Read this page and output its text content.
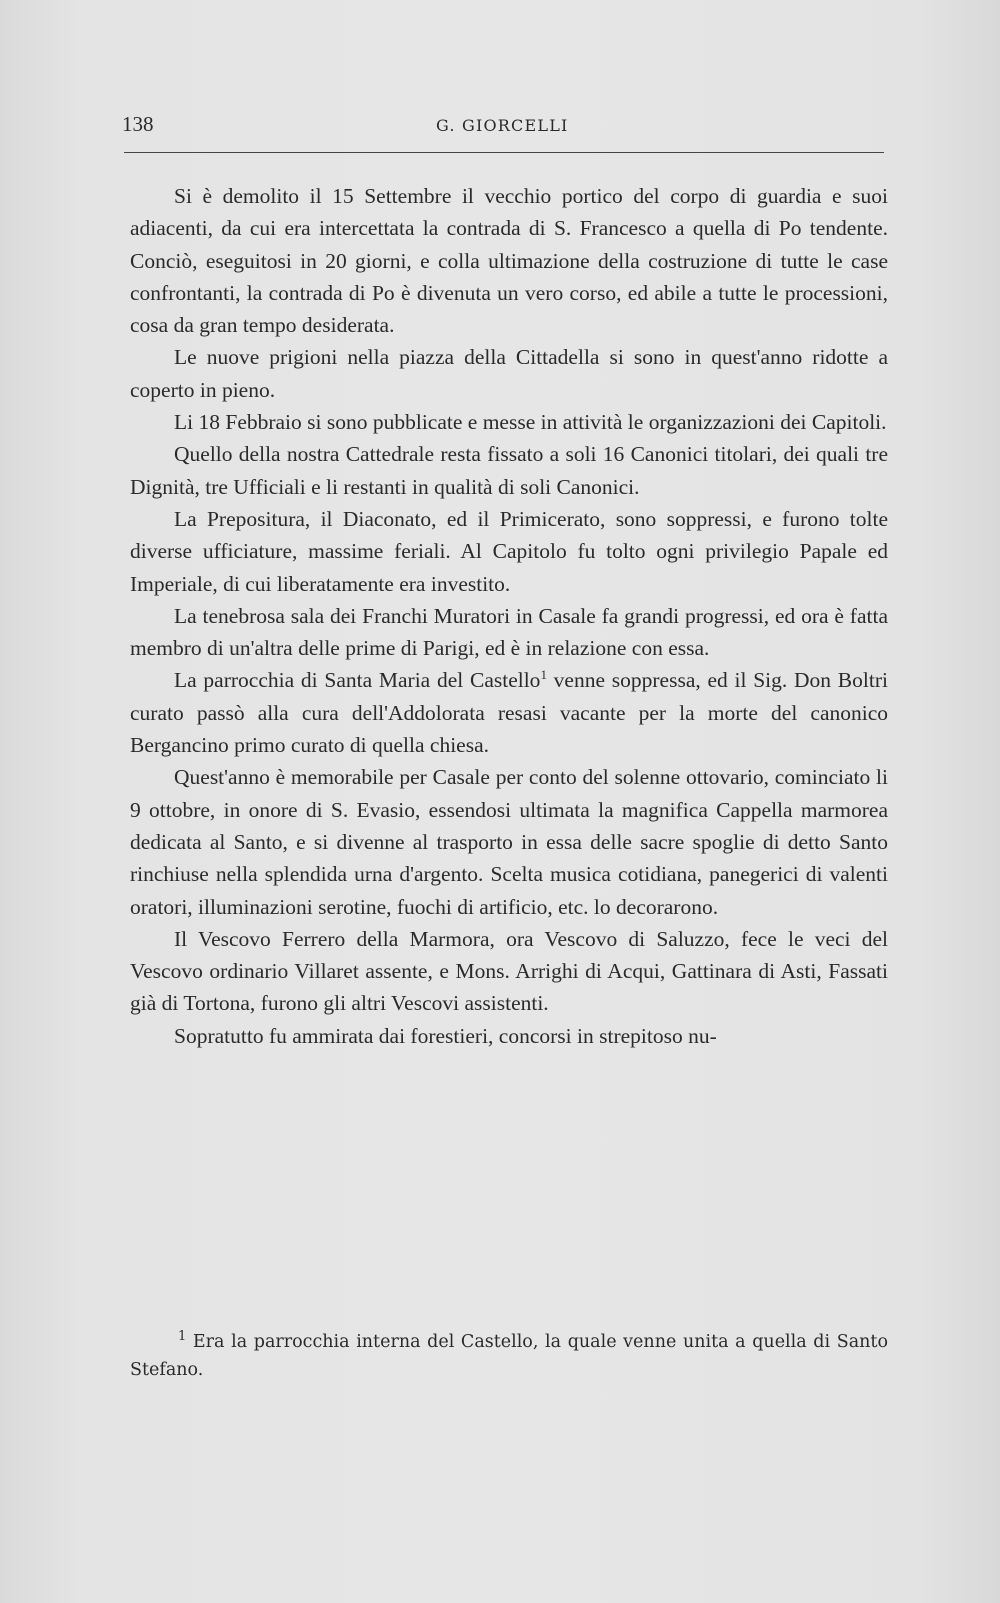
138	G. GIORCELLI

Si è demolito il 15 Settembre il vecchio portico del corpo di guardia e suoi adiacenti, da cui era intercettata la contrada di S. Francesco a quella di Po tendente. Conciò, eseguitosi in 20 giorni, e colla ultimazione della costruzione di tutte le case confrontanti, la contrada di Po è divenuta un vero corso, ed abile a tutte le processioni, cosa da gran tempo desiderata.

Le nuove prigioni nella piazza della Cittadella si sono in quest'anno ridotte a coperto in pieno.

Li 18 Febbraio si sono pubblicate e messe in attività le organizzazioni dei Capitoli.

Quello della nostra Cattedrale resta fissato a soli 16 Canonici titolari, dei quali tre Dignità, tre Ufficiali e li restanti in qualità di soli Canonici.

La Prepositura, il Diaconato, ed il Primicerato, sono soppressi, e furono tolte diverse ufficiature, massime feriali. Al Capitolo fu tolto ogni privilegio Papale ed Imperiale, di cui liberatamente era investito.

La tenebrosa sala dei Franchi Muratori in Casale fa grandi progressi, ed ora è fatta membro di un'altra delle prime di Parigi, ed è in relazione con essa.

La parrocchia di Santa Maria del Castello$^1$ venne soppressa, ed il Sig. Don Boltri curato passò alla cura dell'Addolorata resasi vacante per la morte del canonico Bergancino primo curato di quella chiesa.

Quest'anno è memorabile per Casale per conto del solenne ottovario, cominciato li 9 ottobre, in onore di S. Evasio, essendosi ultimata la magnifica Cappella marmorea dedicata al Santo, e si divenne al trasporto in essa delle sacre spoglie di detto Santo rinchiuse nella splendida urna d'argento. Scelta musica cotidiana, panegerici di valenti oratori, illuminazioni serotine, fuochi di artificio, etc. lo decorarono.

Il Vescovo Ferrero della Marmora, ora Vescovo di Saluzzo, fece le veci del Vescovo ordinario Villaret assente, e Mons. Arrighi di Acqui, Gattinara di Asti, Fassati già di Tortona, furono gli altri Vescovi assistenti.

Sopratutto fu ammirata dai forestieri, concorsi in strepitoso nu-

$^1$ Era la parrocchia interna del Castello, la quale venne unita a quella di Santo Stefano.
